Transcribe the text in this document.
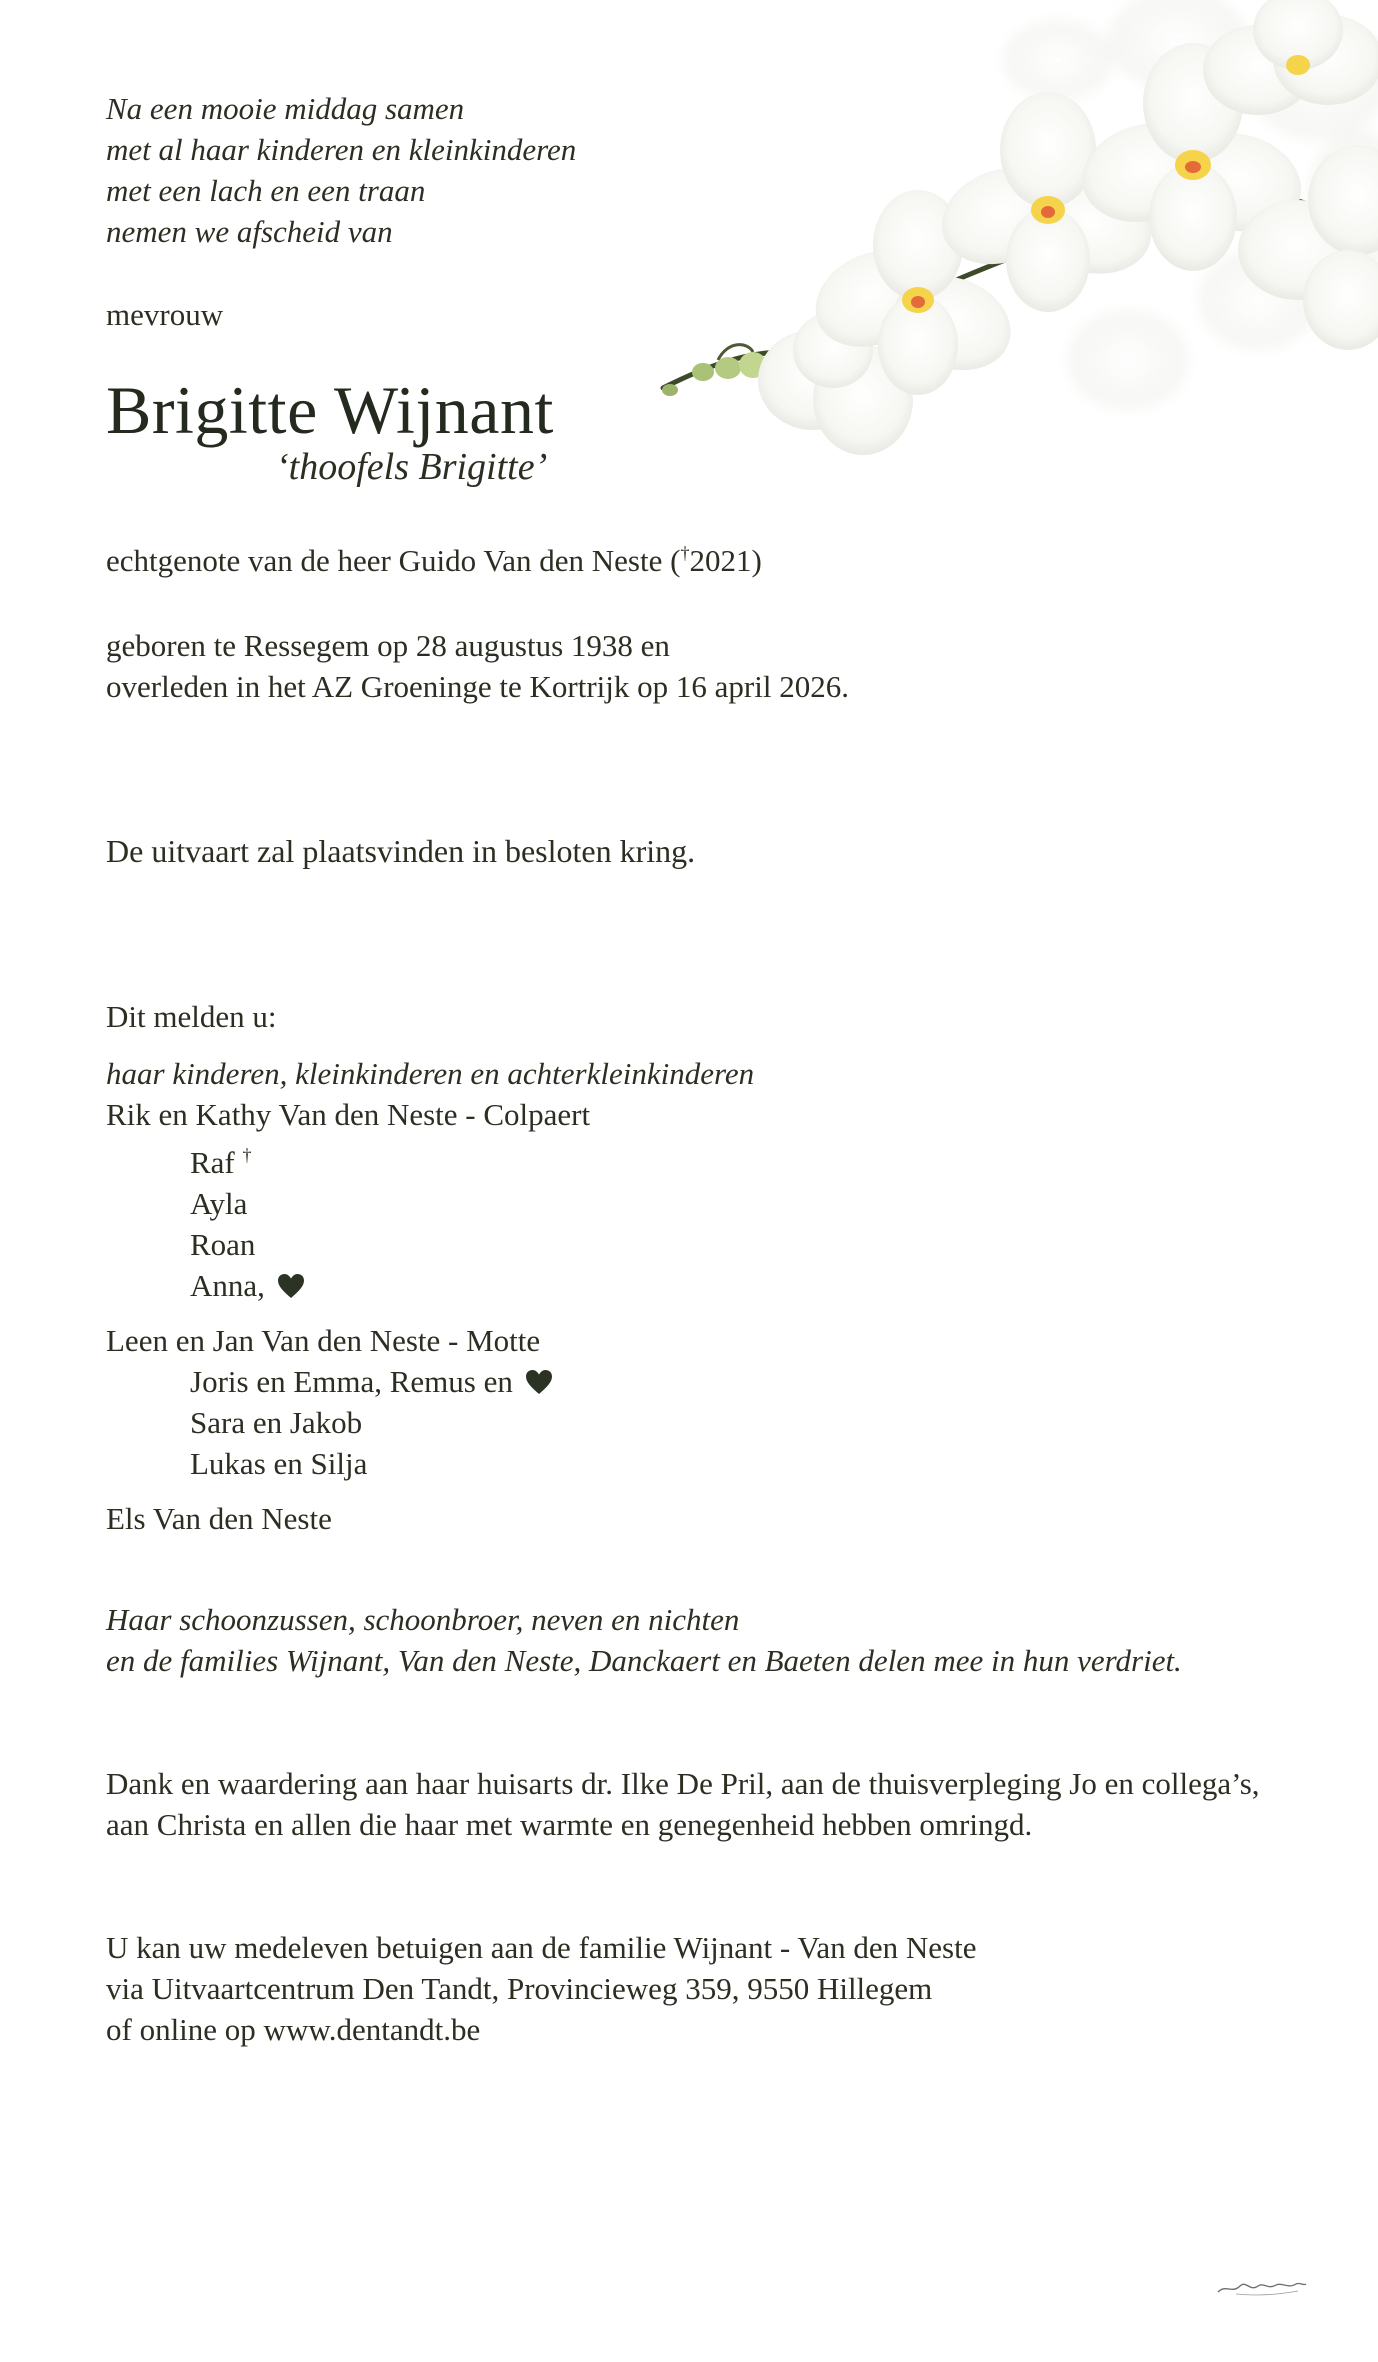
Na een mooie middag samen
met al haar kinderen en kleinkinderen
met een lach en een traan
nemen we afscheid van
mevrouw
Brigitte Wijnant
‘thoofels Brigitte’
echtgenote van de heer Guido Van den Neste (†2021)
geboren te Ressegem op 28 augustus 1938 en
overleden in het AZ Groeninge te Kortrijk op 16 april 2026.
De uitvaart zal plaatsvinden in besloten kring.
Dit melden u:
haar kinderen, kleinkinderen en achterkleinkinderen
Rik en Kathy Van den Neste - Colpaert
Raf †
Ayla
Roan
Anna,
Leen en Jan Van den Neste - Motte
Joris en Emma, Remus en
Sara en Jakob
Lukas en Silja
Els Van den Neste
Haar schoonzussen, schoonbroer, neven en nichten
en de families Wijnant, Van den Neste, Danckaert en Baeten delen mee in hun verdriet.
Dank en waardering aan haar huisarts dr. Ilke De Pril, aan de thuisverpleging Jo en collega’s,
aan Christa en allen die haar met warmte en genegenheid hebben omringd.
U kan uw medeleven betuigen aan de familie Wijnant - Van den Neste
via Uitvaartcentrum Den Tandt, Provincieweg 359, 9550 Hillegem
of online op www.dentandt.be
